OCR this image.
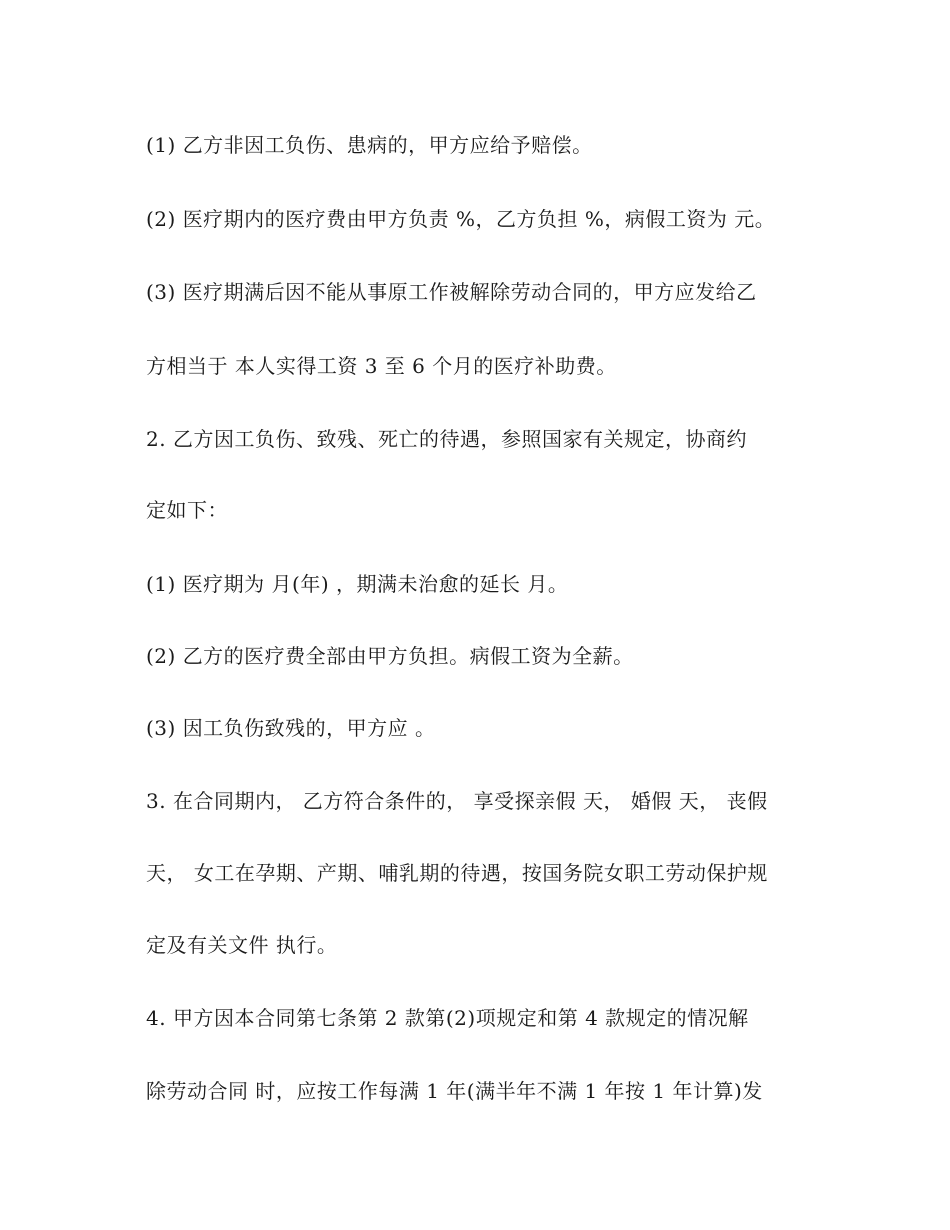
(1) 乙方非因工负伤、患病的，甲方应给予赔偿。
(2) 医疗期内的医疗费由甲方负责 %，乙方负担 %，病假工资为 元。
(3) 医疗期满后因不能从事原工作被解除劳动合同的，甲方应发给乙
方相当于 本人实得工资 3 至 6 个月的医疗补助费。
2. 乙方因工负伤、致残、死亡的待遇，参照国家有关规定，协商约
定如下：
(1) 医疗期为 月(年) ，期满未治愈的延长 月。
(2) 乙方的医疗费全部由甲方负担。病假工资为全薪。
(3) 因工负伤致残的，甲方应 。
3. 在合同期内， 乙方符合条件的， 享受探亲假 天， 婚假 天， 丧假
天， 女工在孕期、产期、哺乳期的待遇，按国务院女职工劳动保护规
定及有关文件 执行。
4. 甲方因本合同第七条第 2 款第(2)项规定和第 4 款规定的情况解
除劳动合同 时，应按工作每满 1 年(满半年不满 1 年按 1 年计算)发
